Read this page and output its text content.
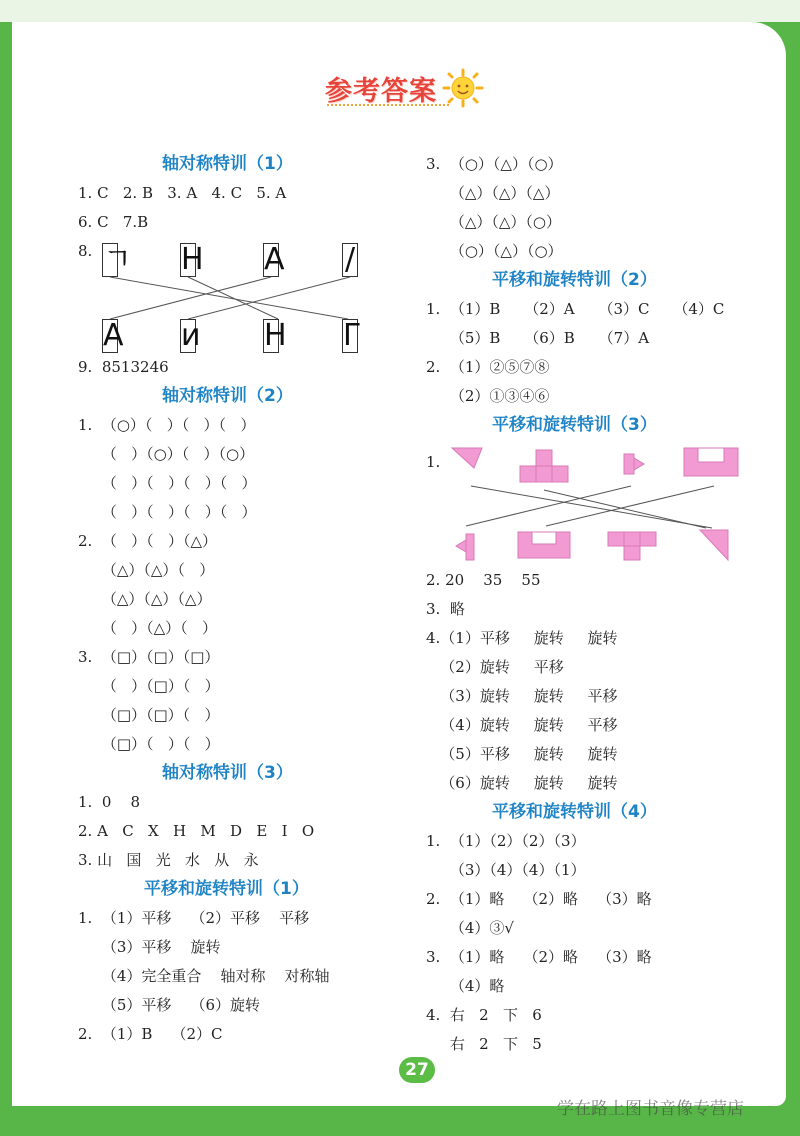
参考答案
轴对称特训（1）
1. C   2. B   3. A   4. C   5. A
6. C   7.B
8. ㄱ H A /
A ᴎ H Γ
9.  8513246
轴对称特训（2）
1.  （○）（   ）（   ）（   ）
（   ）（○）（   ）（○）
（   ）（   ）（   ）（   ）
（   ）（   ）（   ）（   ）
2.  （   ）（   ）（△）
（△）（△）（   ）
（△）（△）（△）
（   ）（△）（   ）
3.  （□）（□）（□）
（   ）（□）（   ）
（□）（□）（   ）
（□）（   ）（   ）
轴对称特训（3）
1.  0    8
2. A   C   X   H   M   D   E   I   O
3. 山   国   光   水   从   永
平移和旋转特训（1）
1.  （1）平移    （2）平移    平移
（3）平移    旋转
（4）完全重合    轴对称    对称轴
（5）平移    （6）旋转
2.  （1）B    （2）C
3.  （○）（△）（○）
（△）（△）（△）
（△）（△）（○）
（○）（△）（○）
平移和旋转特训（2）
1.  （1）B     （2）A     （3）C     （4）C
（5）B     （6）B     （7）A
2.  （1）②⑤⑦⑧
（2）①③④⑥
平移和旋转特训（3）
1.
2. 20    35    55
3.  略
4.（1）平移     旋转     旋转
（2）旋转     平移
（3）旋转     旋转     平移
（4）旋转     旋转     平移
（5）平移     旋转     旋转
（6）旋转     旋转     旋转
平移和旋转特训（4）
1.  （1）（2）（2）（3）
（3）（4）（4）（1）
2.  （1）略    （2）略    （3）略
（4）③√
3.  （1）略    （2）略    （3）略
（4）略
4.  右   2   下   6
右   2   下   5
27
学在路上图书音像专营店
